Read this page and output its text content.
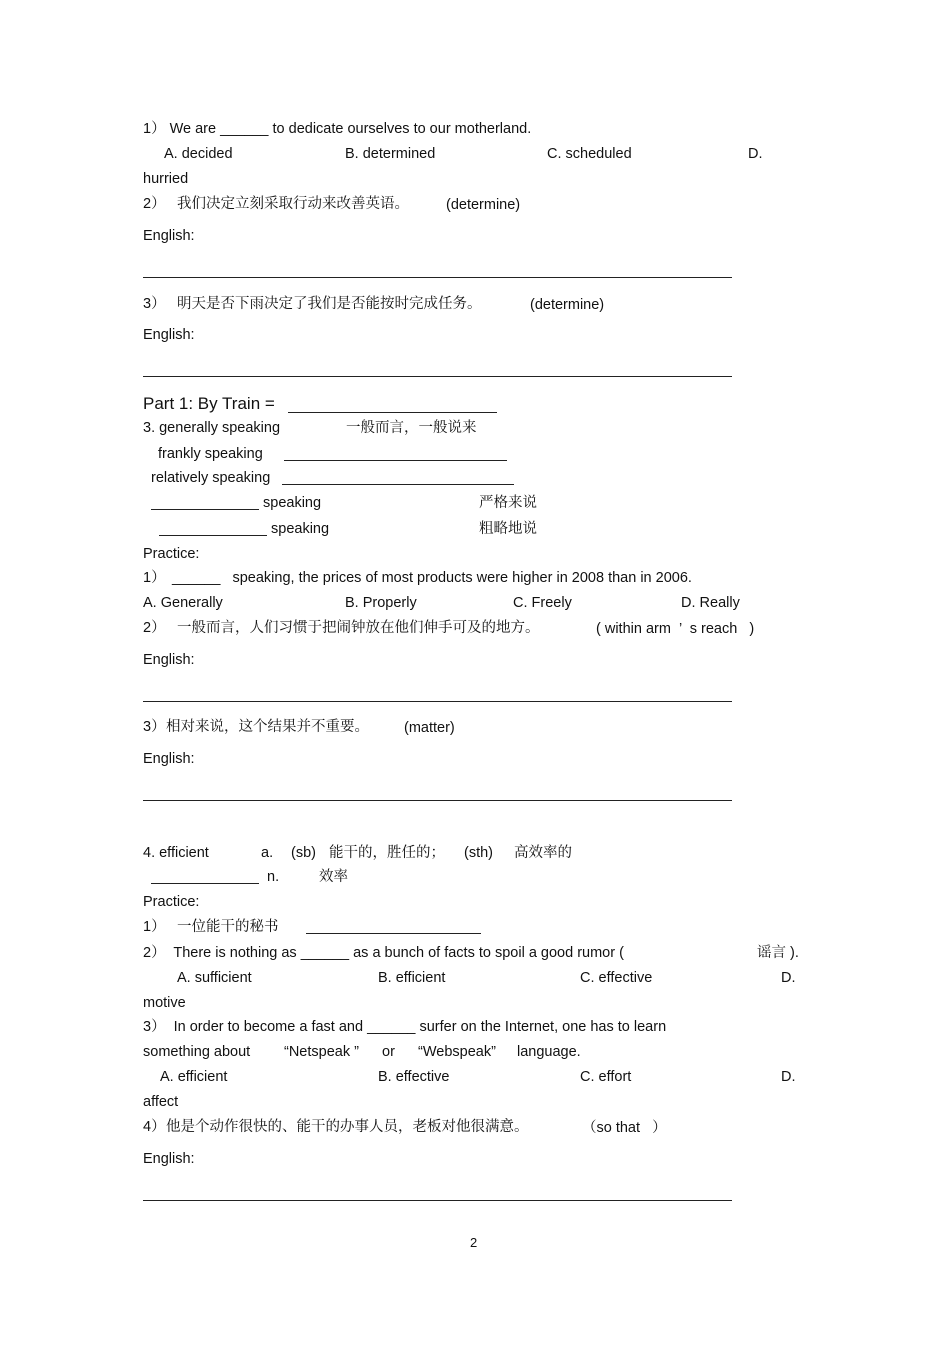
1） We are ______ to dedicate ourselves to our motherland.
A. decided	B. determined	C. scheduled	D.
hurried
2） 我们决定立刻采取行动来改善英语。	(determine)
English:
3） 明天是否下雨决定了我们是否能按时完成任务。	(determine)
English:
Part 1: By Train =
3. generally speaking	一般而言，一般说来
frankly speaking
relatively speaking
speaking	严格来说
speaking	粗略地说
Practice:
1） ______   speaking, the prices of most products were higher in 2008 than in 2006.
A. Generally	B. Properly	C. Freely	D. Really
2） 一般而言，人们习惯于把闹钟放在他们伸手可及的地方。	( within arm  ’  s reach   )
English:
3） 相对来说，这个结果并不重要。 (matter)
English:
4. efficient	a. (sb) 能干的，胜任的； (sth) 高效率的
n.	效率
Practice:
1） 一位能干的秘书
2）  There is nothing as ______ as a bunch of facts to spoil a good rumor (	谣言 ).
A. sufficient	B. efficient	C. effective	D.
motive
3）  In order to become a fast and ______ surfer on the Internet, one has to learn
something about “Netspeak ” or “Webspeak” language.
A. efficient	B. effective	C. effort	D.
affect
4） 他是个动作很快的、能干的办事人员，老板对他很满意。	（so that   ）
English:
2
